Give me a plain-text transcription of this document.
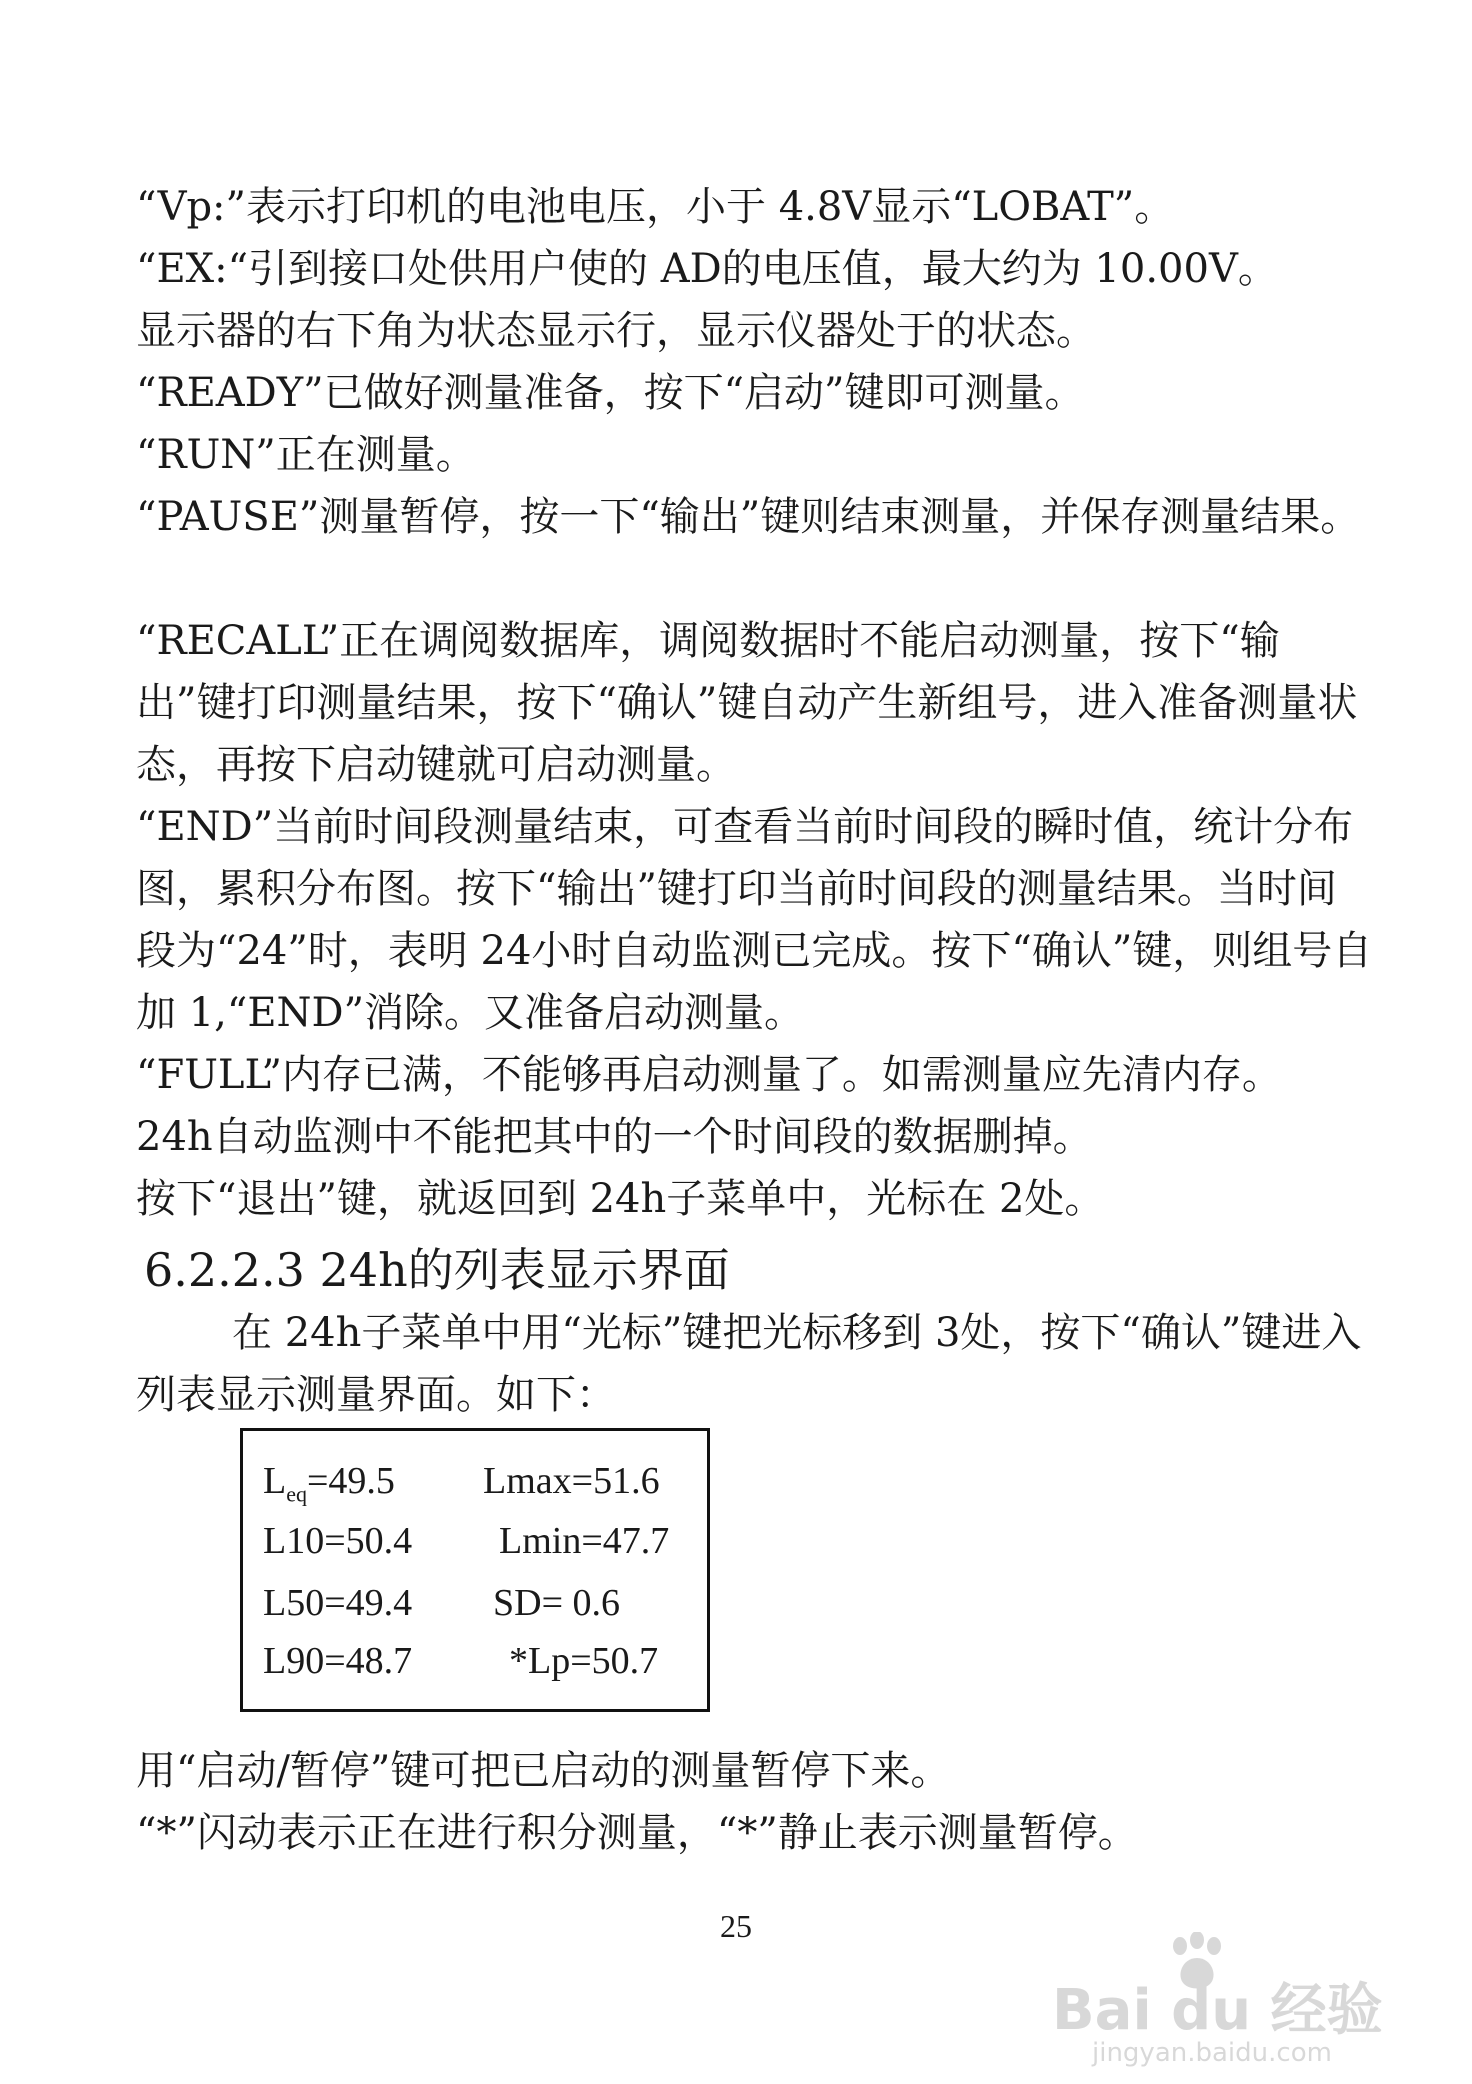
“Vp:”表示打印机的电池电压，小于 4.8V显示“LOBAT”。

“EX:“引到接口处供用户使的 AD的电压值，最大约为 10.00V。

显示器的右下角为状态显示行，显示仪器处于的状态。

“READY”已做好测量准备，按下“启动”键即可测量。

“RUN”正在测量。

“PAUSE”测量暂停，按一下“输出”键则结束测量，并保存测量结果。

“RECALL”正在调阅数据库，调阅数据时不能启动测量，按下“输出”键打印测量结果，按下“确认”键自动产生新组号，进入准备测量状态，再按下启动键就可启动测量。

“END”当前时间段测量结束，可查看当前时间段的瞬时值，统计分布图，累积分布图。按下“输出”键打印当前时间段的测量结果。当时间段为“24”时，表明 24小时自动监测已完成。按下“确认”键，则组号自加 1,“END”消除。又准备启动测量。

“FULL”内存已满，不能够再启动测量了。如需测量应先清内存。

24h自动监测中不能把其中的一个时间段的数据删掉。

按下“退出”键，就返回到 24h子菜单中，光标在 2处。

6.2.2.3 24h的列表显示界面

在 24h子菜单中用“光标”键把光标移到 3处，按下“确认”键进入列表显示测量界面。如下：

$L_{eq}=49.5$ Lmax=51.6
L10=50.4 Lmin=47.7
L50=49.4 SD= 0.6
L90=48.7	*Lp=50.7

用“启动/暂停”键可把已启动的测量暂停下来。

“*”闪动表示正在进行积分测量，“*”静止表示测量暂停。

25
Bai du 经验
jingyan.baidu.com
